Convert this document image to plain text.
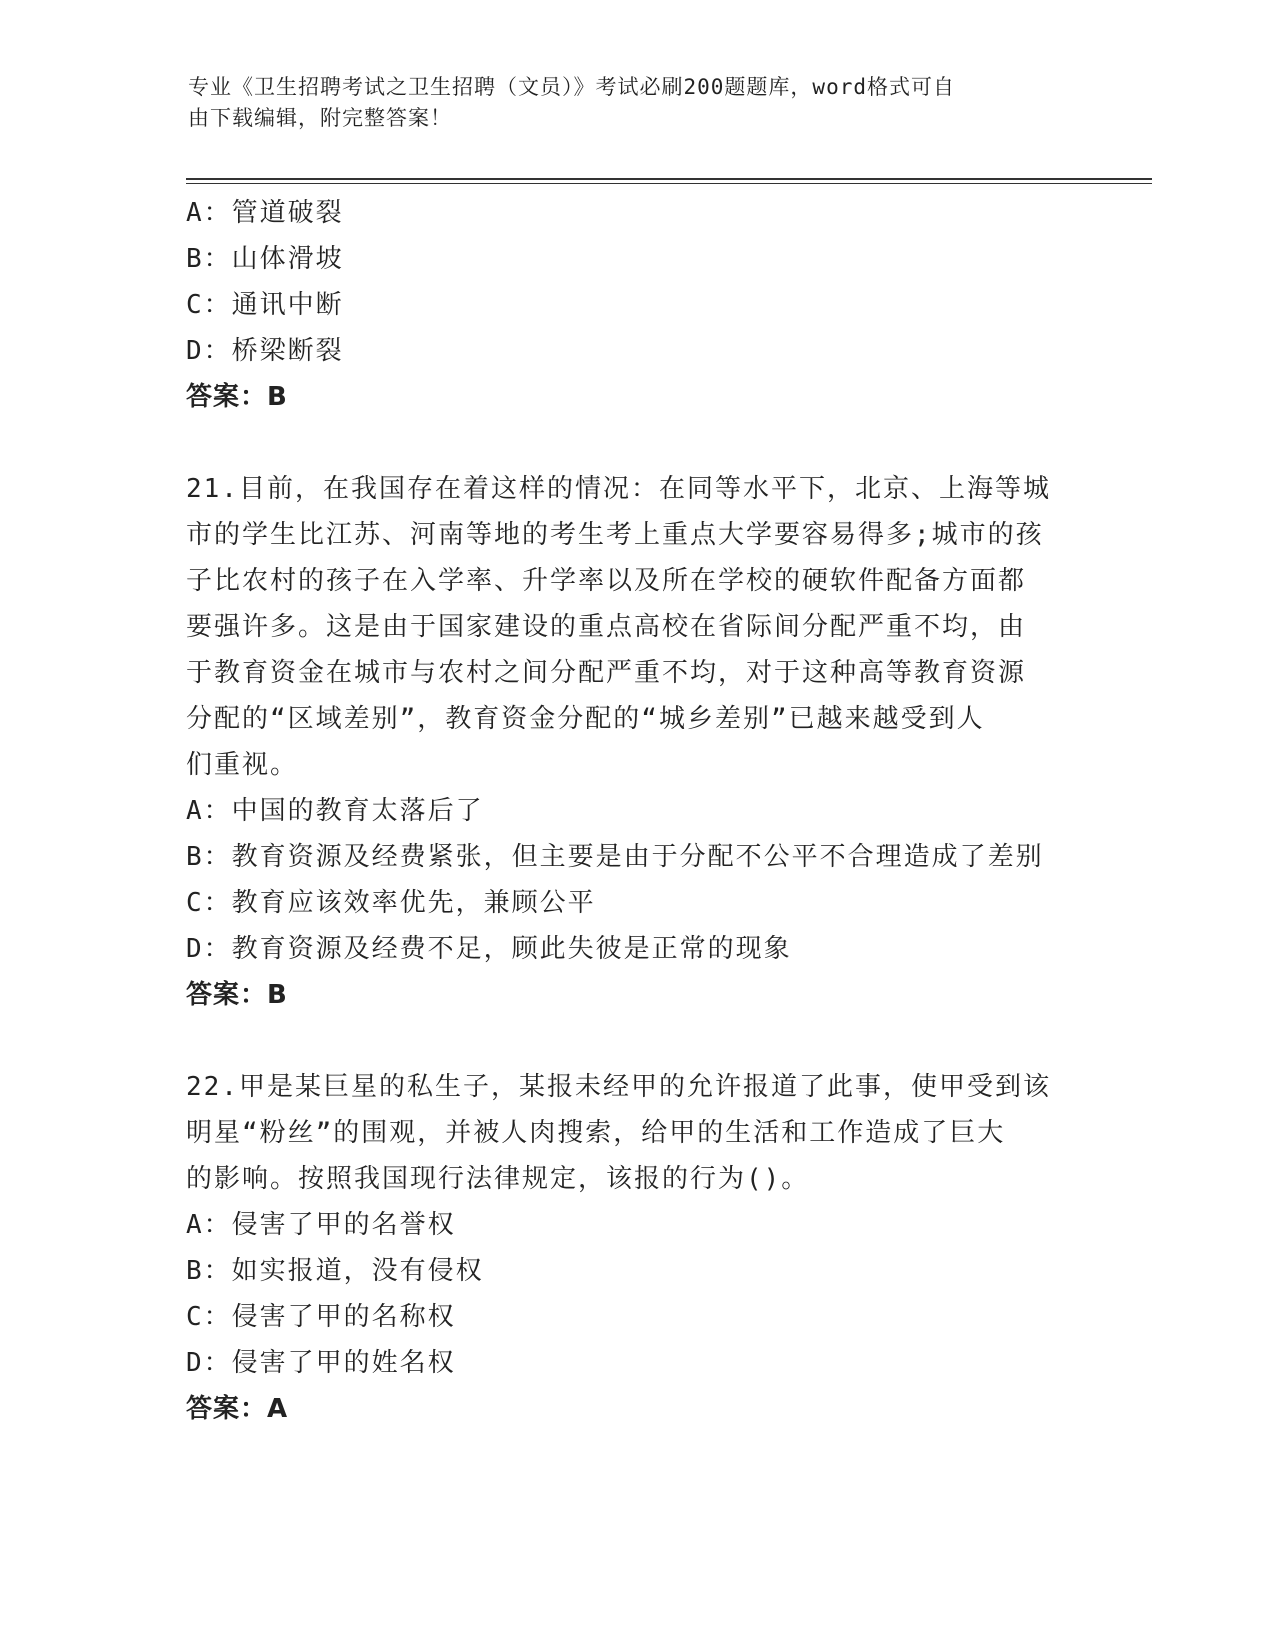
专业《卫生招聘考试之卫生招聘（文员）》考试必刷200题题库，word格式可自
由下载编辑，附完整答案！
A：管道破裂
B：山体滑坡
C：通讯中断
D：桥梁断裂
答案：B
21.目前，在我国存在着这样的情况：在同等水平下，北京、上海等城
市的学生比江苏、河南等地的考生考上重点大学要容易得多;城市的孩
子比农村的孩子在入学率、升学率以及所在学校的硬软件配备方面都
要强许多。这是由于国家建设的重点高校在省际间分配严重不均，由
于教育资金在城市与农村之间分配严重不均，对于这种高等教育资源
分配的“区域差别”，教育资金分配的“城乡差别”已越来越受到人
们重视。
A：中国的教育太落后了
B：教育资源及经费紧张，但主要是由于分配不公平不合理造成了差别
C：教育应该效率优先，兼顾公平
D：教育资源及经费不足，顾此失彼是正常的现象
答案：B
22.甲是某巨星的私生子，某报未经甲的允许报道了此事，使甲受到该
明星“粉丝”的围观，并被人肉搜索，给甲的生活和工作造成了巨大
的影响。按照我国现行法律规定，该报的行为()。
A：侵害了甲的名誉权
B：如实报道，没有侵权
C：侵害了甲的名称权
D：侵害了甲的姓名权
答案：A
